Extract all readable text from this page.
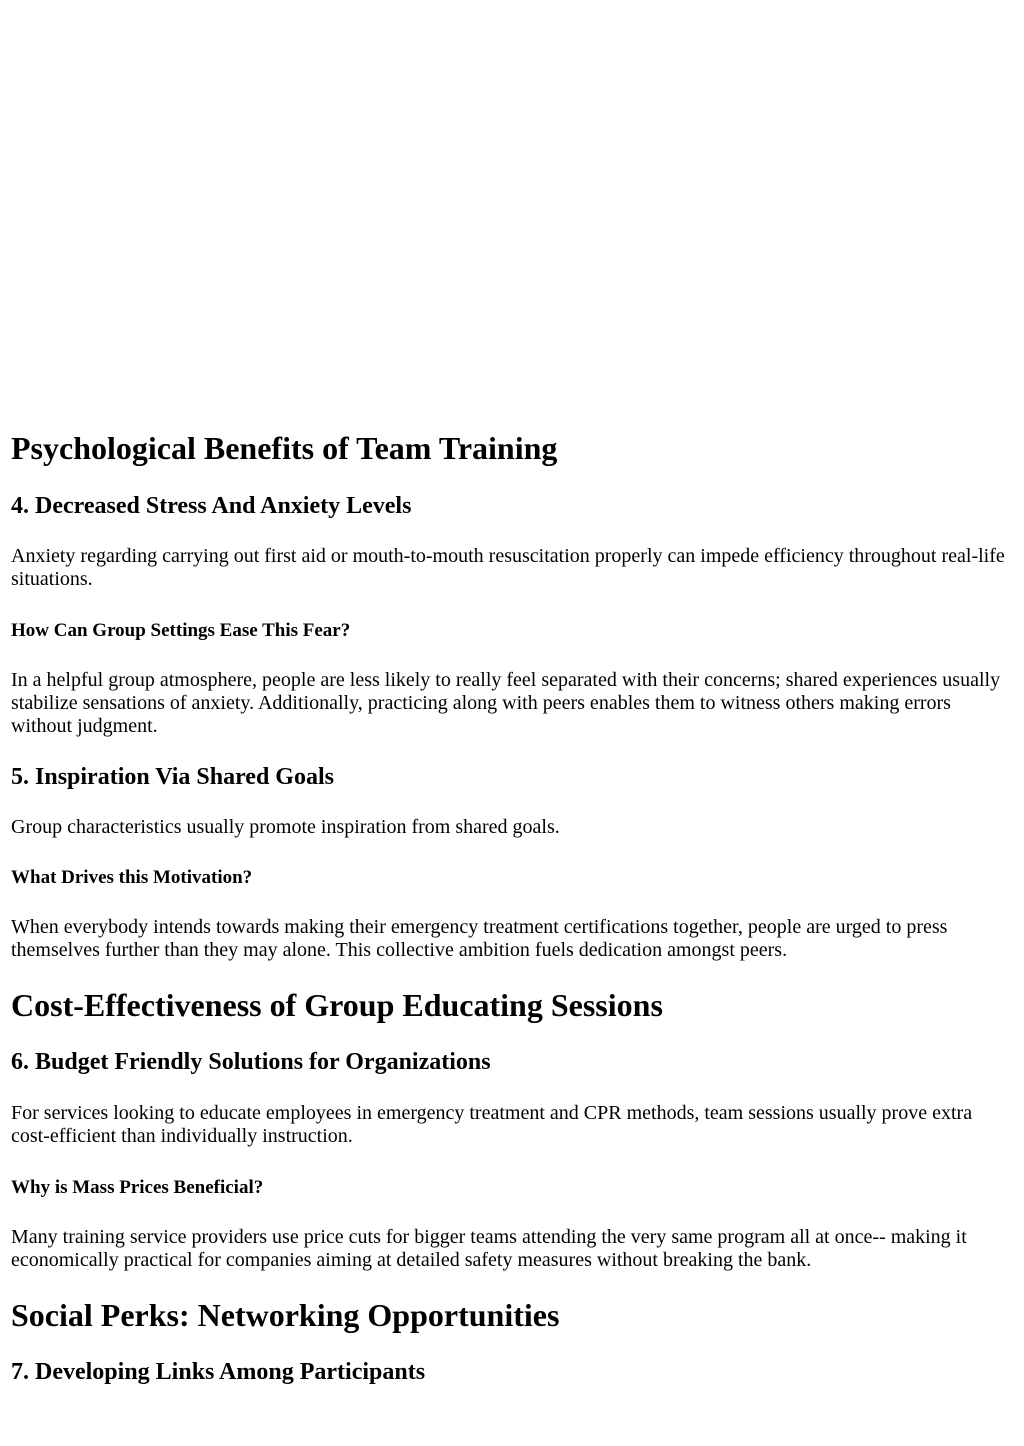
Psychological Benefits of Team Training
4. Decreased Stress And Anxiety Levels

Anxiety regarding carrying out first aid or mouth-to-mouth resuscitation properly can impede efficiency throughout real-life situations.

How Can Group Settings Ease This Fear?

In a helpful group atmosphere, people are less likely to really feel separated with their concerns; shared experiences usually stabilize sensations of anxiety. Additionally, practicing along with peers enables them to witness others making errors without judgment.

5. Inspiration Via Shared Goals

Group characteristics usually promote inspiration from shared goals.

What Drives this Motivation?

When everybody intends towards making their emergency treatment certifications together, people are urged to press themselves further than they may alone. This collective ambition fuels dedication amongst peers.

Cost-Effectiveness of Group Educating Sessions
6. Budget Friendly Solutions for Organizations

For services looking to educate employees in emergency treatment and CPR methods, team sessions usually prove extra cost-efficient than individually instruction.

Why is Mass Prices Beneficial?

Many training service providers use price cuts for bigger teams attending the very same program all at once-- making it economically practical for companies aiming at detailed safety measures without breaking the bank.

Social Perks: Networking Opportunities
7. Developing Links Among Participants
